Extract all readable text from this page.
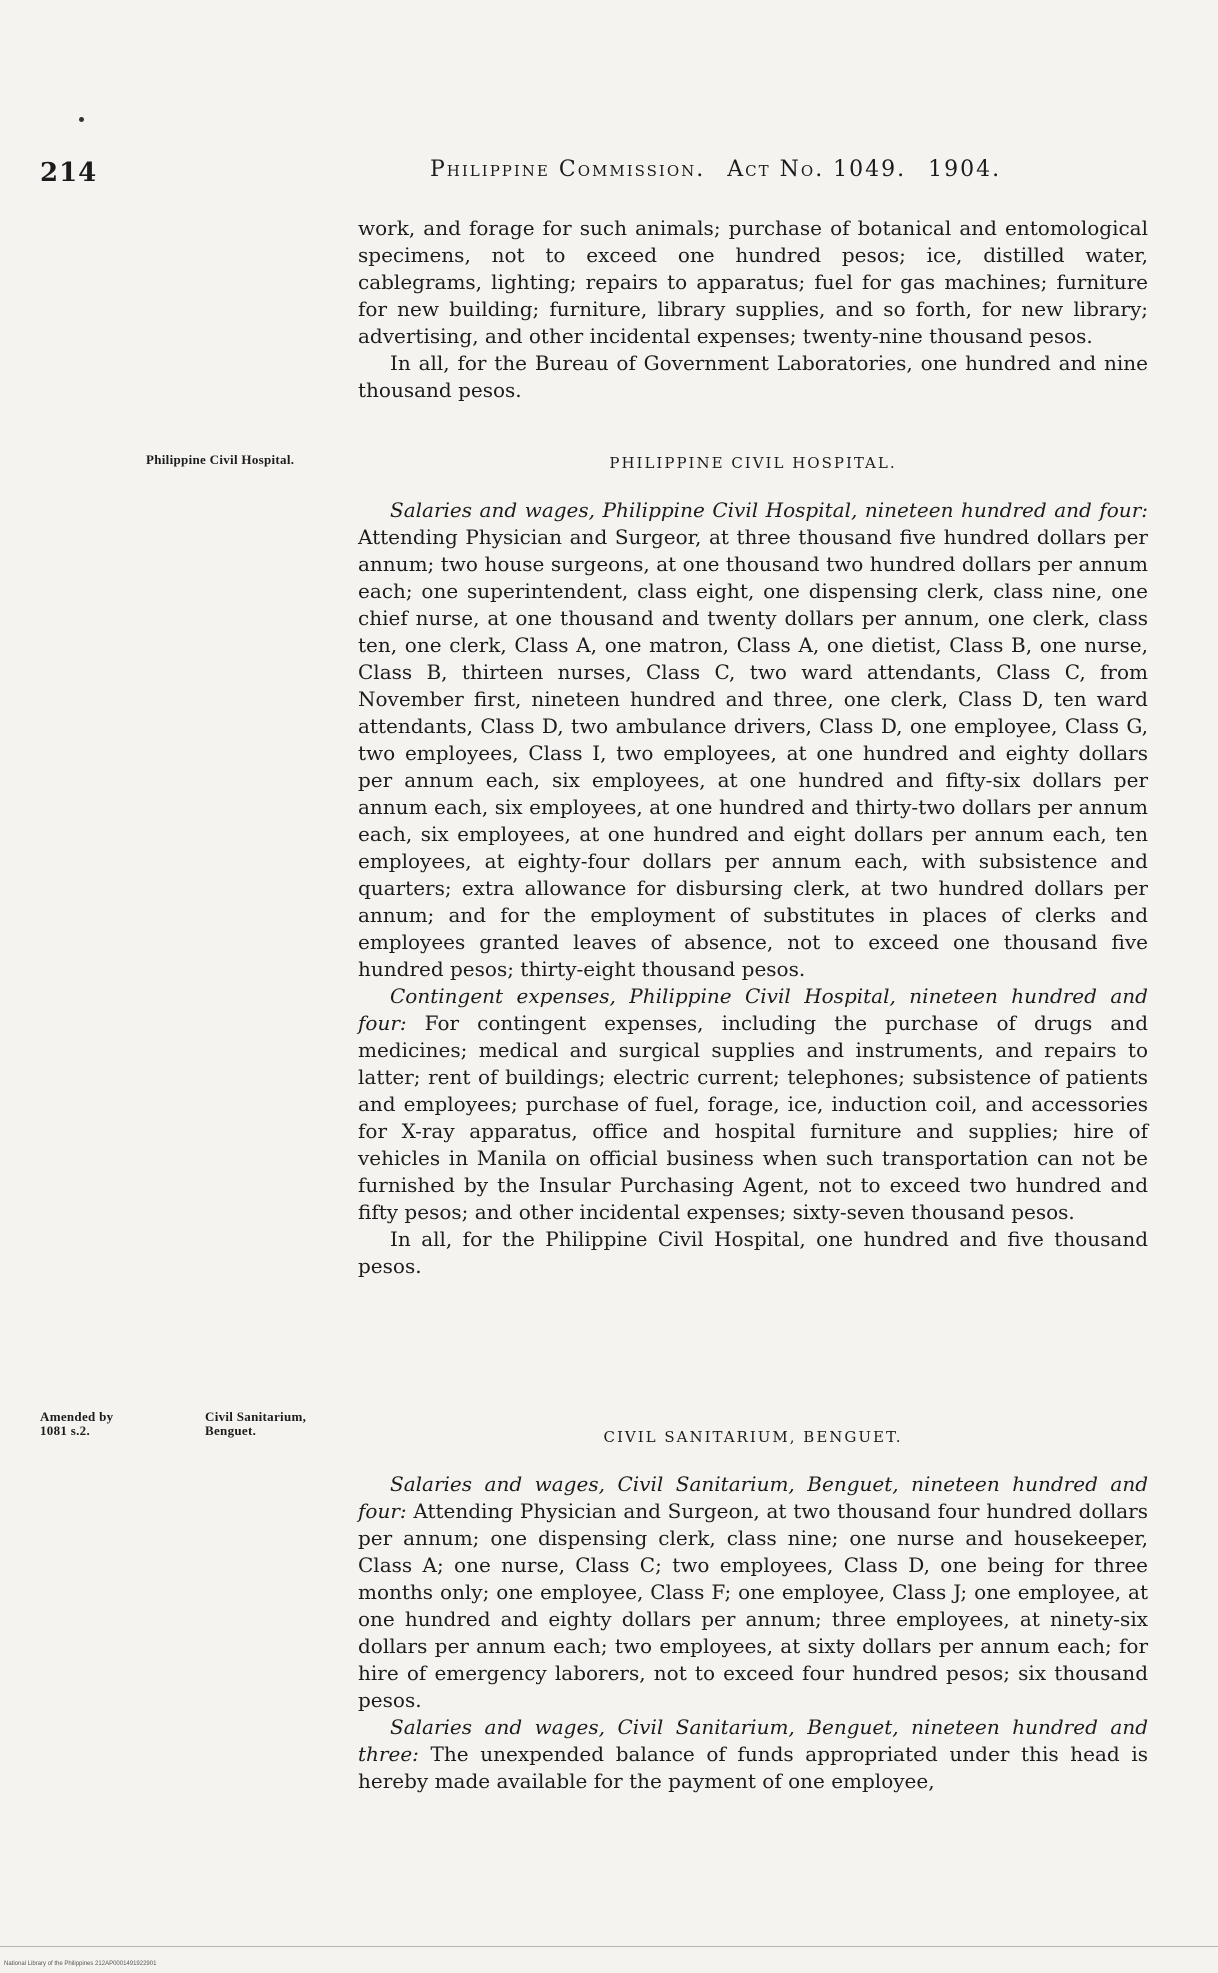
214	Philippine Commission. Act No. 1049. 1904.

work, and forage for such animals; purchase of botanical and entomological specimens, not to exceed one hundred pesos; ice, distilled water, cablegrams, lighting; repairs to apparatus; fuel for gas machines; furniture for new building; furniture, library supplies, and so forth, for new library; advertising, and other incidental expenses; twenty-nine thousand pesos.

In all, for the Bureau of Government Laboratories, one hundred and nine thousand pesos.

Philippine Civil Hospital.	PHILIPPINE CIVIL HOSPITAL.

Salaries and wages, Philippine Civil Hospital, nineteen hundred and four: Attending Physician and Surgeor, at three thousand five hundred dollars per annum; two house surgeons, at one thousand two hundred dollars per annum each; one superintendent, class eight, one dispensing clerk, class nine, one chief nurse, at one thousand and twenty dollars per annum, one clerk, class ten, one clerk, Class A, one matron, Class A, one dietist, Class B, one nurse, Class B, thirteen nurses, Class C, two ward attendants, Class C, from November first, nineteen hundred and three, one clerk, Class D, ten ward attendants, Class D, two ambulance drivers, Class D, one employee, Class G, two employees, Class I, two employees, at one hundred and eighty dollars per annum each, six employees, at one hundred and fifty-six dollars per annum each, six employees, at one hundred and thirty-two dollars per annum each, six employees, at one hundred and eight dollars per annum each, ten employees, at eighty-four dollars per annum each, with subsistence and quarters; extra allowance for disbursing clerk, at two hundred dollars per annum; and for the employment of substitutes in places of clerks and employees granted leaves of absence, not to exceed one thousand five hundred pesos; thirty-eight thousand pesos.

Contingent expenses, Philippine Civil Hospital, nineteen hundred and four: For contingent expenses, including the purchase of drugs and medicines; medical and surgical supplies and instruments, and repairs to latter; rent of buildings; electric current; telephones; subsistence of patients and employees; purchase of fuel, forage, ice, induction coil, and accessories for X-ray apparatus, office and hospital furniture and supplies; hire of vehicles in Manila on official business when such transportation can not be furnished by the Insular Purchasing Agent, not to exceed two hundred and fifty pesos; and other incidental expenses; sixty-seven thousand pesos.

In all, for the Philippine Civil Hospital, one hundred and five thousand pesos.

Amended by 1081 s.2.
Civil Sanitarium, Benguet.	CIVIL SANITARIUM, BENGUET.

Salaries and wages, Civil Sanitarium, Benguet, nineteen hundred and four: Attending Physician and Surgeon, at two thousand four hundred dollars per annum; one dispensing clerk, class nine; one nurse and housekeeper, Class A; one nurse, Class C; two employees, Class D, one being for three months only; one employee, Class F; one employee, Class J; one employee, at one hundred and eighty dollars per annum; three employees, at ninety-six dollars per annum each; two employees, at sixty dollars per annum each; for hire of emergency laborers, not to exceed four hundred pesos; six thousand pesos.

Salaries and wages, Civil Sanitarium, Benguet, nineteen hundred and three: The unexpended balance of funds appropriated under this head is hereby made available for the payment of one employee,

National Library of the Philippines 212AP0001491922901
